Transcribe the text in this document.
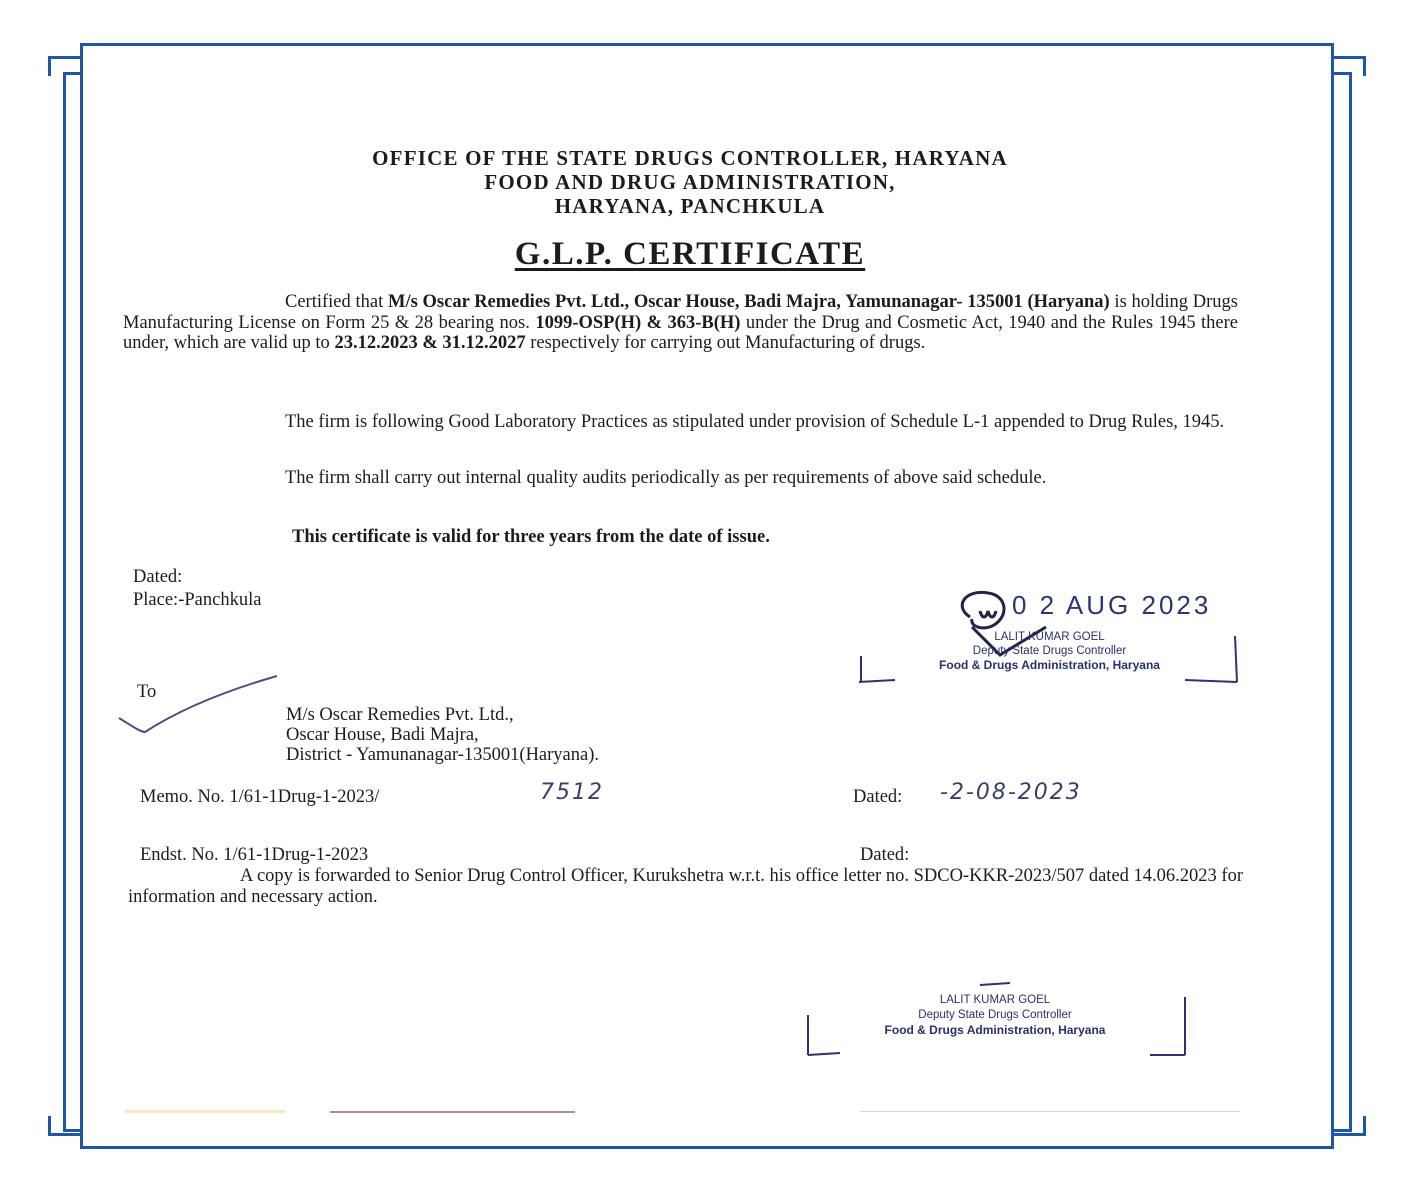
OFFICE OF THE STATE DRUGS CONTROLLER, HARYANA
FOOD AND DRUG ADMINISTRATION,
HARYANA, PANCHKULA
G.L.P. CERTIFICATE
Certified that M/s Oscar Remedies Pvt. Ltd., Oscar House, Badi Majra, Yamunanagar- 135001 (Haryana) is holding Drugs Manufacturing License on Form 25 & 28 bearing nos. 1099-OSP(H) & 363-B(H) under the Drug and Cosmetic Act, 1940 and the Rules 1945 there under, which are valid up to 23.12.2023 & 31.12.2027 respectively for carrying out Manufacturing of drugs.
The firm is following Good Laboratory Practices as stipulated under provision of Schedule L-1 appended to Drug Rules, 1945.
The firm shall carry out internal quality audits periodically as per requirements of above said schedule.
This certificate is valid for three years from the date of issue.
Dated:
Place:-Panchkula	0 2 AUG 2023
LALIT KUMAR GOEL
Deputy State Drugs Controller
Food & Drugs Administration, Haryana
To
M/s Oscar Remedies Pvt. Ltd.,
Oscar House, Badi Majra,
District - Yamunanagar-135001(Haryana).
Memo. No. 1/61-1Drug-1-2023/	7512	Dated: -2-08-2023
Endst. No. 1/61-1Drug-1-2023	Dated:
A copy is forwarded to Senior Drug Control Officer, Kurukshetra w.r.t. his office letter no. SDCO-KKR-2023/507 dated 14.06.2023 for information and necessary action.
LALIT KUMAR GOEL
Deputy State Drugs Controller
Food & Drugs Administration, Haryana
